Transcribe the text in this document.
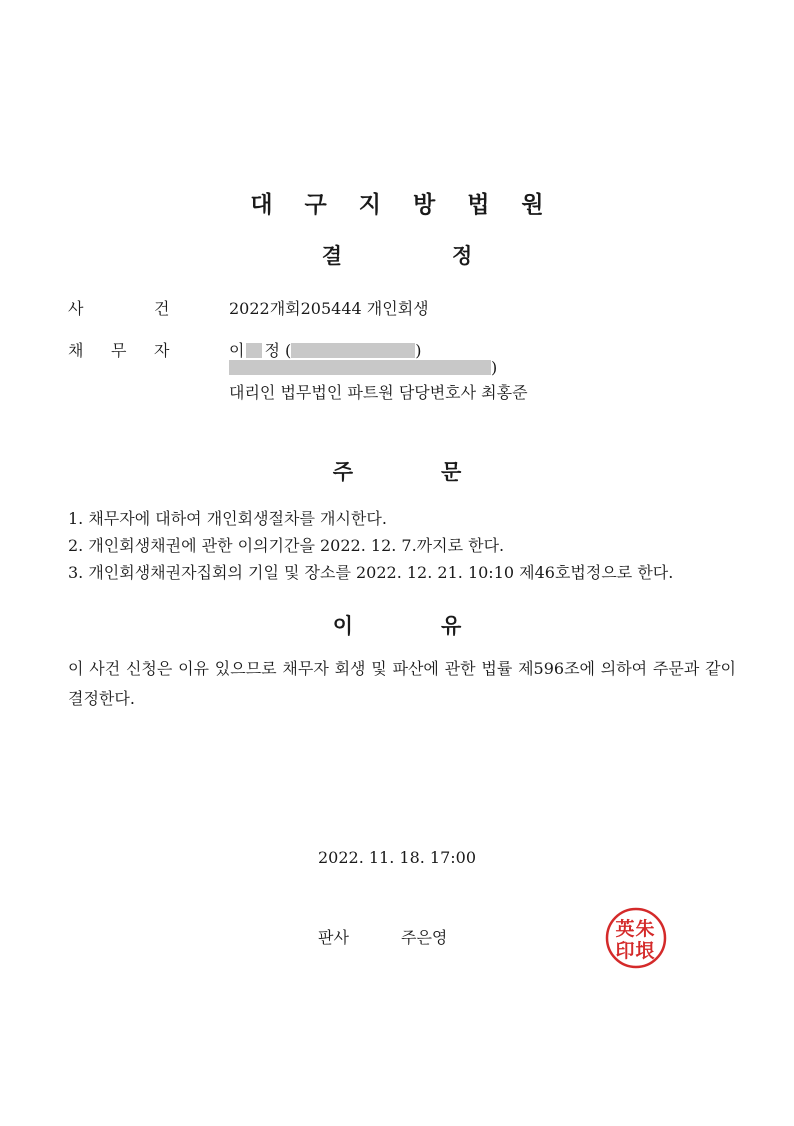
대구지방법원
결	정
사	건	2022개회205444 개인회생
채 무 자	이 정 (	)
)
대리인 법무법인 파트원 담당변호사 최홍준
주	문
1. 채무자에 대하여 개인회생절차를 개시한다.
2. 개인회생채권에 관한 이의기간을 2022. 12. 7.까지로 한다.
3. 개인회생채권자집회의 기일 및 장소를 2022. 12. 21. 10:10 제46호법정으로 한다.
이	유
이 사건 신청은 이유 있으므로 채무자 회생 및 파산에 관한 법률 제596조에 의하여 주문과 같이 결정한다.
2022. 11. 18. 17:00
판사	주은영	朱
英
垠
印
